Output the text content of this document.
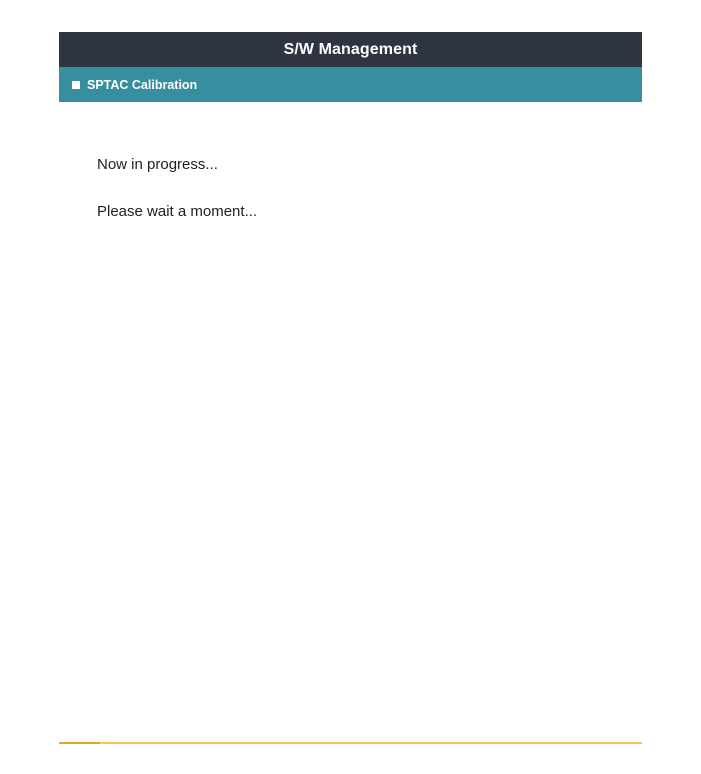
S/W Management
SPTAC Calibration
Now in progress...
Please wait a moment...
